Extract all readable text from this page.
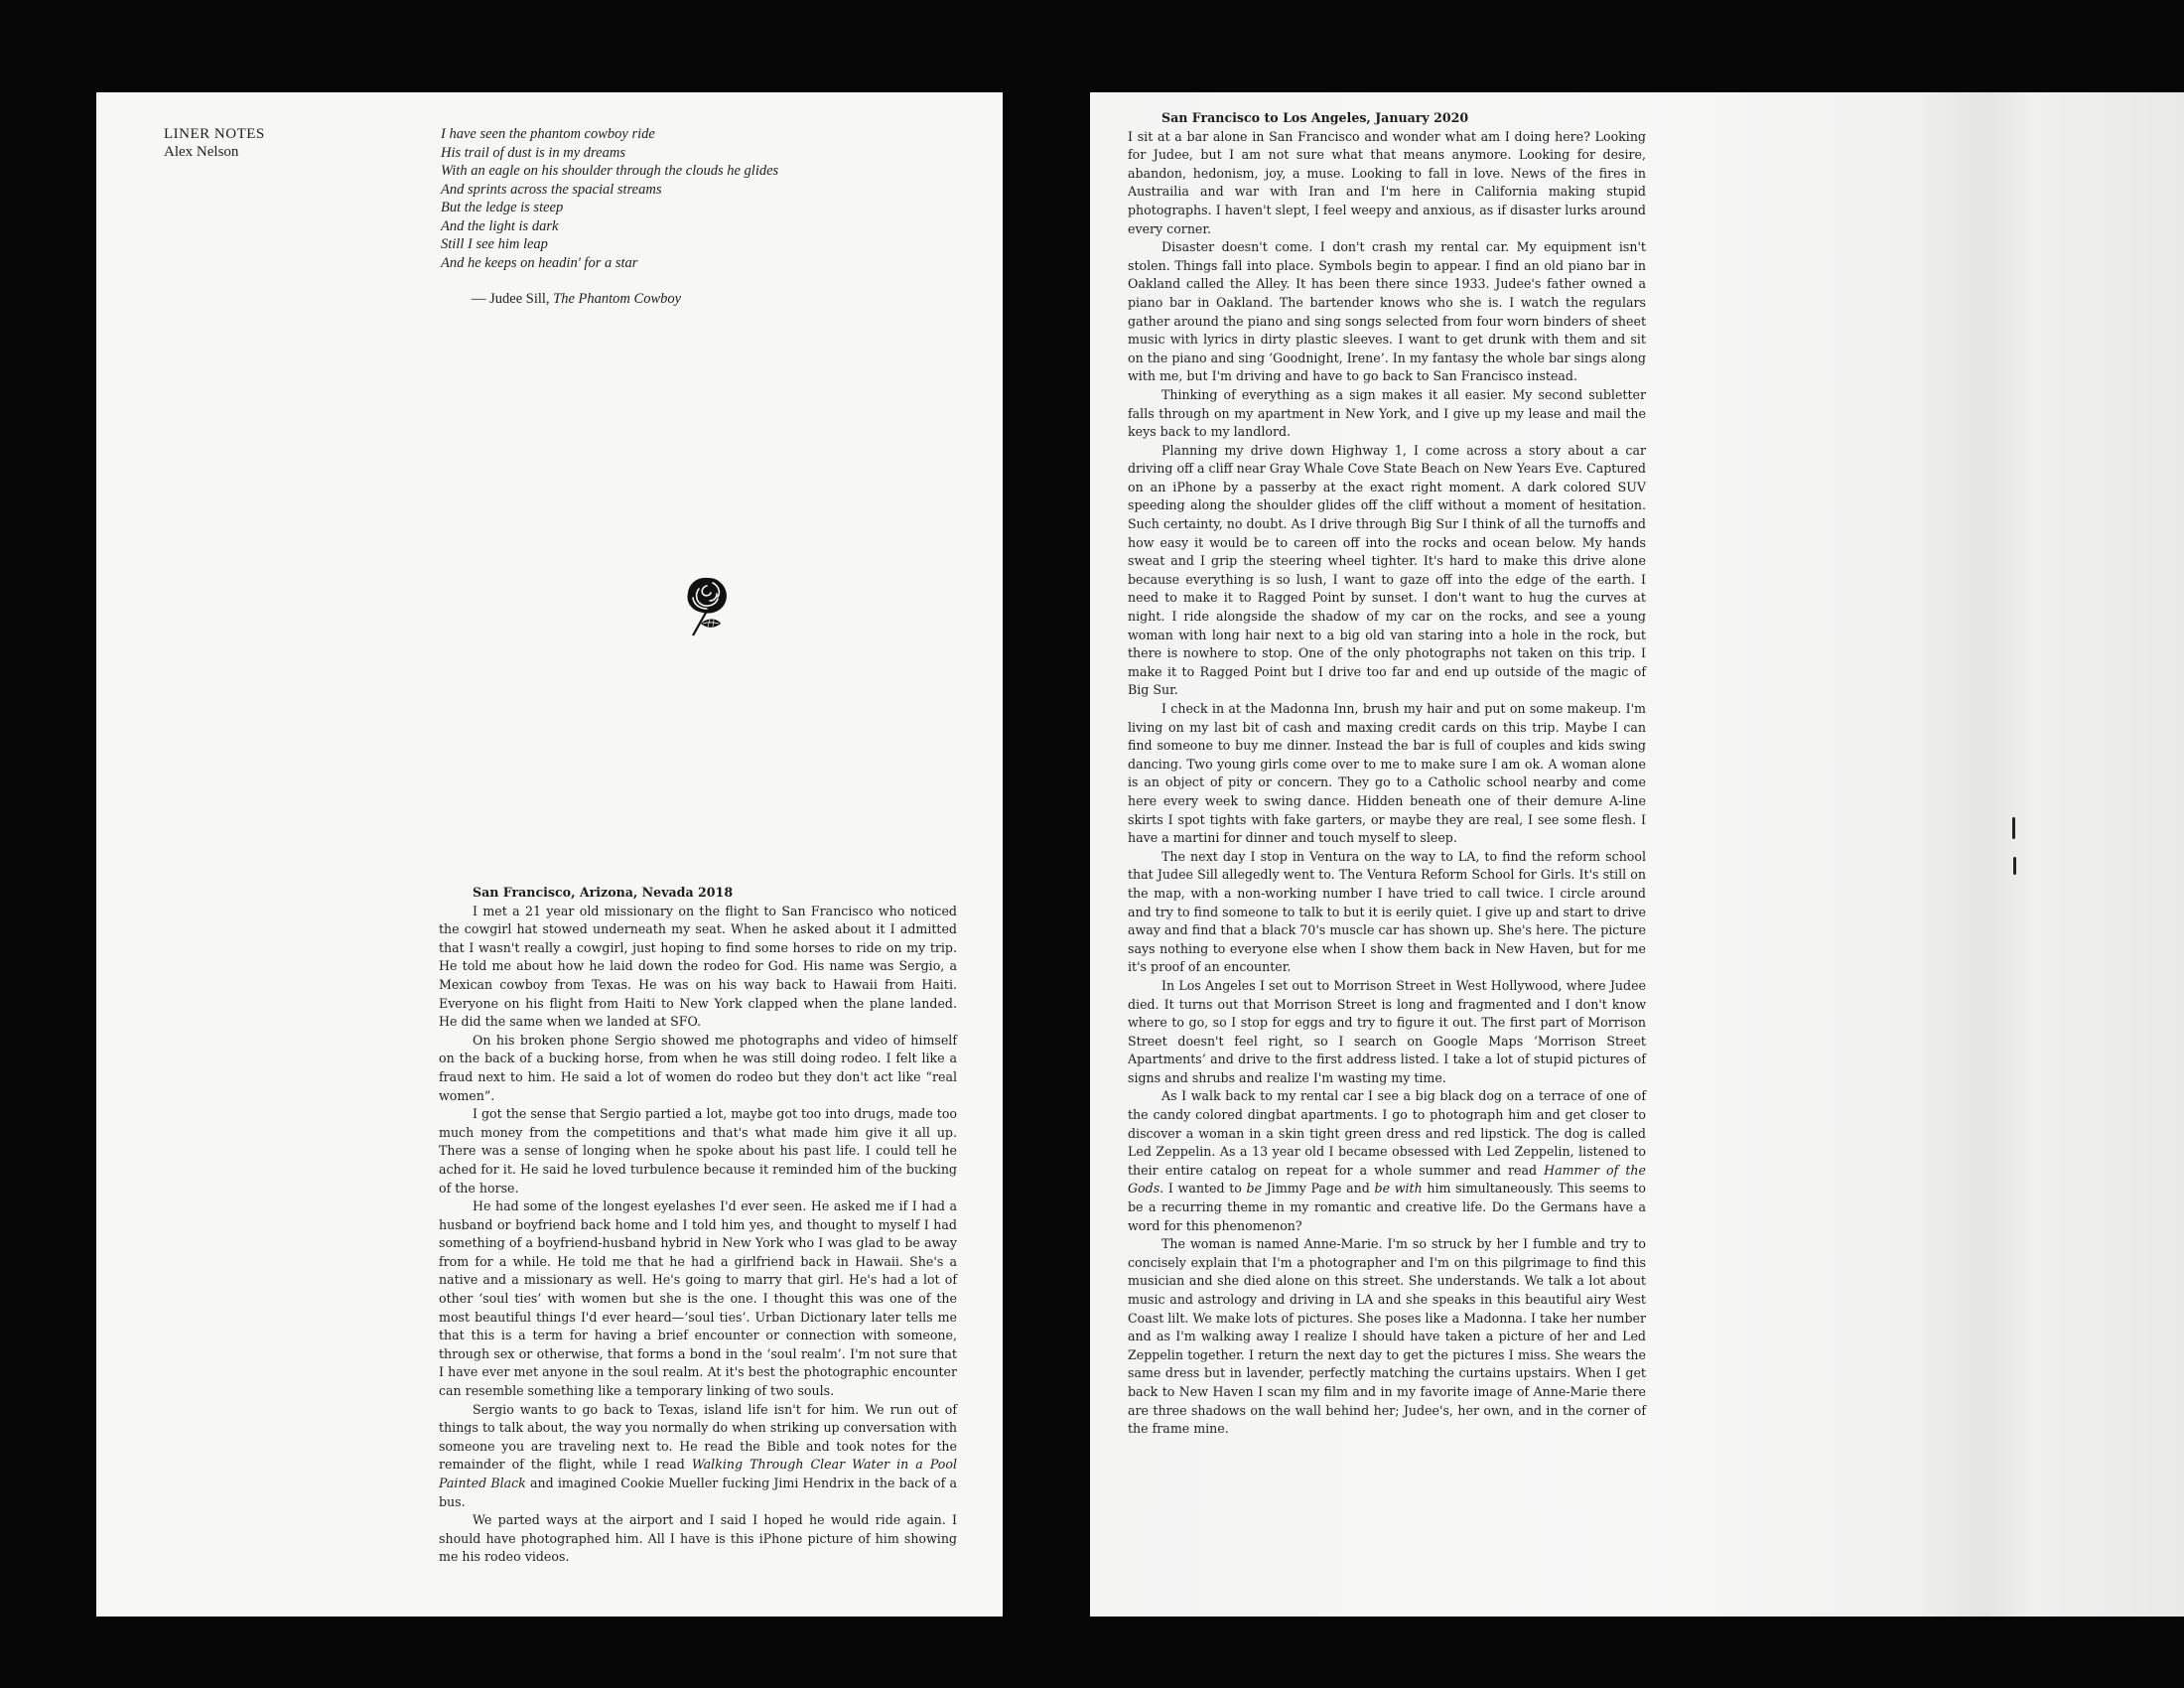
LINER NOTES
Alex Nelson
I have seen the phantom cowboy ride
His trail of dust is in my dreams
With an eagle on his shoulder through the clouds he glides
And sprints across the spacial streams
But the ledge is steep
And the light is dark
Still I see him leap
And he keeps on headin' for a star
— Judee Sill, The Phantom Cowboy

San Francisco, Arizona, Nevada 2018

I met a 21 year old missionary on the flight to San Francisco who noticed the cowgirl hat stowed underneath my seat. When he asked about it I admitted that I wasn't really a cowgirl, just hoping to find some horses to ride on my trip. He told me about how he laid down the rodeo for God. His name was Sergio, a Mexican cowboy from Texas. He was on his way back to Hawaii from Haiti. Everyone on his flight from Haiti to New York clapped when the plane landed. He did the same when we landed at SFO.

On his broken phone Sergio showed me photographs and video of himself on the back of a bucking horse, from when he was still doing rodeo. I felt like a fraud next to him. He said a lot of women do rodeo but they don't act like “real women”.

I got the sense that Sergio partied a lot, maybe got too into drugs, made too much money from the competitions and that's what made him give it all up. There was a sense of longing when he spoke about his past life. I could tell he ached for it. He said he loved turbulence because it reminded him of the bucking of the horse.

He had some of the longest eyelashes I'd ever seen. He asked me if I had a husband or boyfriend back home and I told him yes, and thought to myself I had something of a boyfriend-husband hybrid in New York who I was glad to be away from for a while. He told me that he had a girlfriend back in Hawaii. She's a native and a missionary as well. He's going to marry that girl. He's had a lot of other ‘soul ties’ with women but she is the one. I thought this was one of the most beautiful things I'd ever heard—‘soul ties’. Urban Dictionary later tells me that this is a term for having a brief encounter or connection with someone, through sex or otherwise, that forms a bond in the ‘soul realm’. I'm not sure that I have ever met anyone in the soul realm. At it's best the photographic encounter can resemble something like a temporary linking of two souls.

Sergio wants to go back to Texas, island life isn't for him. We run out of things to talk about, the way you normally do when striking up conversation with someone you are traveling next to. He read the Bible and took notes for the remainder of the flight, while I read Walking Through Clear Water in a Pool Painted Black and imagined Cookie Mueller fucking Jimi Hendrix in the back of a bus.

We parted ways at the airport and I said I hoped he would ride again. I should have photographed him. All I have is this iPhone picture of him showing me his rodeo videos.

San Francisco to Los Angeles, January 2020

I sit at a bar alone in San Francisco and wonder what am I doing here? Looking for Judee, but I am not sure what that means anymore. Looking for desire, abandon, hedonism, joy, a muse. Looking to fall in love. News of the fires in Austrailia and war with Iran and I'm here in California making stupid photographs. I haven't slept, I feel weepy and anxious, as if disaster lurks around every corner.

Disaster doesn't come. I don't crash my rental car. My equipment isn't stolen. Things fall into place. Symbols begin to appear. I find an old piano bar in Oakland called the Alley. It has been there since 1933. Judee's father owned a piano bar in Oakland. The bartender knows who she is. I watch the regulars gather around the piano and sing songs selected from four worn binders of sheet music with lyrics in dirty plastic sleeves. I want to get drunk with them and sit on the piano and sing ‘Goodnight, Irene’. In my fantasy the whole bar sings along with me, but I'm driving and have to go back to San Francisco instead.

Thinking of everything as a sign makes it all easier. My second subletter falls through on my apartment in New York, and I give up my lease and mail the keys back to my landlord.

Planning my drive down Highway 1, I come across a story about a car driving off a cliff near Gray Whale Cove State Beach on New Years Eve. Captured on an iPhone by a passerby at the exact right moment. A dark colored SUV speeding along the shoulder glides off the cliff without a moment of hesitation. Such certainty, no doubt. As I drive through Big Sur I think of all the turnoffs and how easy it would be to careen off into the rocks and ocean below. My hands sweat and I grip the steering wheel tighter. It's hard to make this drive alone because everything is so lush, I want to gaze off into the edge of the earth. I need to make it to Ragged Point by sunset. I don't want to hug the curves at night. I ride alongside the shadow of my car on the rocks, and see a young woman with long hair next to a big old van staring into a hole in the rock, but there is nowhere to stop. One of the only photographs not taken on this trip. I make it to Ragged Point but I drive too far and end up outside of the magic of Big Sur.

I check in at the Madonna Inn, brush my hair and put on some makeup. I'm living on my last bit of cash and maxing credit cards on this trip. Maybe I can find someone to buy me dinner. Instead the bar is full of couples and kids swing dancing. Two young girls come over to me to make sure I am ok. A woman alone is an object of pity or concern. They go to a Catholic school nearby and come here every week to swing dance. Hidden beneath one of their demure A-line skirts I spot tights with fake garters, or maybe they are real, I see some flesh. I have a martini for dinner and touch myself to sleep.

The next day I stop in Ventura on the way to LA, to find the reform school that Judee Sill allegedly went to. The Ventura Reform School for Girls. It's still on the map, with a non-working number I have tried to call twice. I circle around and try to find someone to talk to but it is eerily quiet. I give up and start to drive away and find that a black 70's muscle car has shown up. She's here. The picture says nothing to everyone else when I show them back in New Haven, but for me it's proof of an encounter.

In Los Angeles I set out to Morrison Street in West Hollywood, where Judee died. It turns out that Morrison Street is long and fragmented and I don't know where to go, so I stop for eggs and try to figure it out. The first part of Morrison Street doesn't feel right, so I search on Google Maps ‘Morrison Street Apartments’ and drive to the first address listed. I take a lot of stupid pictures of signs and shrubs and realize I'm wasting my time.

As I walk back to my rental car I see a big black dog on a terrace of one of the candy colored dingbat apartments. I go to photograph him and get closer to discover a woman in a skin tight green dress and red lipstick. The dog is called Led Zeppelin. As a 13 year old I became obsessed with Led Zeppelin, listened to their entire catalog on repeat for a whole summer and read Hammer of the Gods. I wanted to be Jimmy Page and be with him simultaneously. This seems to be a recurring theme in my romantic and creative life. Do the Germans have a word for this phenomenon?

The woman is named Anne-Marie. I'm so struck by her I fumble and try to concisely explain that I'm a photographer and I'm on this pilgrimage to find this musician and she died alone on this street. She understands. We talk a lot about music and astrology and driving in LA and she speaks in this beautiful airy West Coast lilt. We make lots of pictures. She poses like a Madonna. I take her number and as I'm walking away I realize I should have taken a picture of her and Led Zeppelin together. I return the next day to get the pictures I miss. She wears the same dress but in lavender, perfectly matching the curtains upstairs. When I get back to New Haven I scan my film and in my favorite image of Anne-Marie there are three shadows on the wall behind her; Judee's, her own, and in the corner of the frame mine.
